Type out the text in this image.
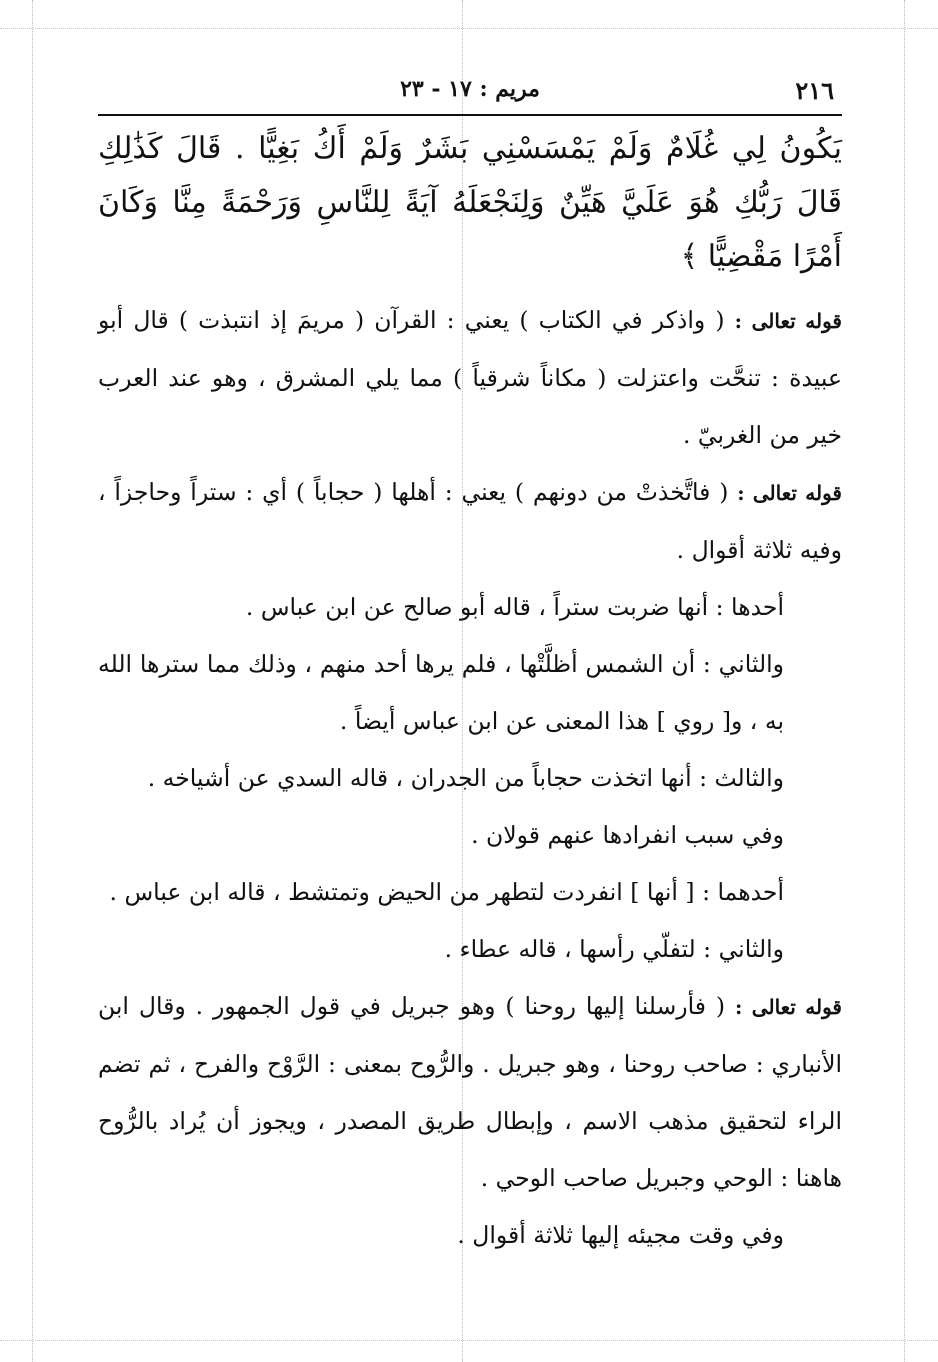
٢١٦
مريم : ١٧ - ٢٣

يَكُونُ لِي غُلَامٌ وَلَمْ يَمْسَسْنِي بَشَرٌ وَلَمْ أَكُ بَغِيًّا . قَالَ كَذَٰلِكِ قَالَ رَبُّكِ هُوَ عَلَيَّ هَيِّنٌ وَلِنَجْعَلَهُ آيَةً لِلنَّاسِ وَرَحْمَةً مِنَّا وَكَانَ أَمْرًا مَقْضِيًّا ﴾

قوله تعالى : ( واذكر في الكتاب ) يعني : القرآن ( مريمَ إذ انتبذت ) قال أبو عبيدة : تنحَّت واعتزلت ( مكاناً شرقياً ) مما يلي المشرق ، وهو عند العرب خير من الغربيّ .

قوله تعالى : ( فاتَّخذتْ من دونهم ) يعني : أهلها ( حجاباً ) أي : ستراً وحاجزاً ، وفيه ثلاثة أقوال .

أحدها : أنها ضربت ستراً ، قاله أبو صالح عن ابن عباس .

والثاني : أن الشمس أظلَّتْها ، فلم يرها أحد منهم ، وذلك مما سترها الله به ، و[ روي ] هذا المعنى عن ابن عباس أيضاً .

والثالث : أنها اتخذت حجاباً من الجدران ، قاله السدي عن أشياخه .

وفي سبب انفرادها عنهم قولان .

أحدهما : [ أنها ] انفردت لتطهر من الحيض وتمتشط ، قاله ابن عباس .

والثاني : لتفلّي رأسها ، قاله عطاء .

قوله تعالى : ( فأرسلنا إليها روحنا ) وهو جبريل في قول الجمهور . وقال ابن الأنباري : صاحب روحنا ، وهو جبريل . والرُّوح بمعنى : الرَّوْح والفرح ، ثم تضم الراء لتحقيق مذهب الاسم ، وإبطال طريق المصدر ، ويجوز أن يُراد بالرُّوح هاهنا : الوحي وجبريل صاحب الوحي .

وفي وقت مجيئه إليها ثلاثة أقوال .
